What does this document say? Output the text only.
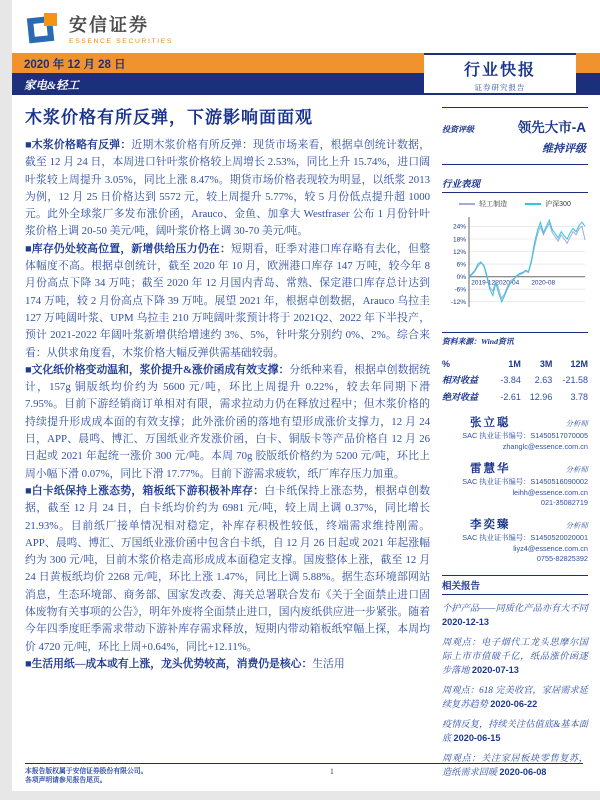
安信证券
ESSENCE SECURITIES
2020 年 12 月 28 日
家电&轻工
行业快报
证券研究报告
木浆价格有所反弹，下游影响面面观

■木浆价格略有反弹：近期木浆价格有所反弹：现货市场来看，根据卓创统计数据，截至 12 月 24 日，本周进口针叶浆价格较上周增长 2.53%，同比上升 15.74%，进口阔叶浆较上周提升 3.05%，同比上涨 8.47%。期货市场价格表现较为明显，以纸浆 2013 为例，12 月 25 日价格达到 5572 元，较上周提升 5.77%，较 5 月份低点提升超 1000 元。此外全球浆厂多发布涨价函，Arauco、金鱼、加拿大 Westfraser 公布 1 月份针叶浆价格上调 20-50 美元/吨，阔叶浆价格上调 30-70 美元/吨。

■库存仍处较高位置，新增供给压力仍在：短期看，旺季对港口库存略有去化，但整体幅度不高。根据卓创统计，截至 2020 年 10 月，欧洲港口库存 147 万吨，较今年 8 月份高点下降 34 万吨；截至 2020 年 12 月国内青岛、常熟、保定港口库存总计达到 174 万吨，较 2 月份高点下降 39 万吨。展望 2021 年，根据卓创数据，Arauco 乌拉圭 127 万吨阔叶浆、UPM 乌拉圭 210 万吨阔叶浆预计将于 2021Q2、2022 年下半投产，预计 2021-2022 年阔叶浆新增供给增速约 3%、5%，针叶浆分别约 0%、2%。综合来看：从供求角度看，木浆价格大幅反弹供需基础较弱。

■文化纸价格变动温和，浆价提升&涨价函成有效支撑：分纸种来看，根据卓创数据统计，157g 铜版纸均价约为 5600 元/吨，环比上周提升 0.22%，较去年同期下滑 7.95%。目前下游经销商订单相对有限，需求拉动力仍在释放过程中；但木浆价格的持续提升形成成本面的有效支撑；此外涨价函的落地有望形成涨价支撑力，12 月 24 日，APP、晨鸣、博汇、万国纸业齐发涨价函，白卡、铜版卡等产品价格自 12 月 26 日起或 2021 年起统一涨价 300 元/吨。本周 70g 胶版纸价格约为 5200 元/吨，环比上周小幅下滑 0.07%，同比下滑 17.77%。目前下游需求疲软，纸厂库存压力加重。

■白卡纸保持上涨态势，箱板纸下游积极补库存：白卡纸保持上涨态势，根据卓创数据，截至 12 月 24 日，白卡纸均价约为 6981 元/吨，较上周上调 0.37%，同比增长 21.93%。目前纸厂接单情况相对稳定，补库存积极性较低，终端需求维持刚需。APP、晨鸣、博汇、万国纸业涨价函中包含白卡纸，自 12 月 26 日起或 2021 年起涨幅约为 300 元/吨，目前木浆价格走高形成成本面稳定支撑。国废整体上涨，截至 12 月 24 日黄板纸均价 2268 元/吨，环比上涨 1.47%，同比上调 5.88%。据生态环境部网站消息，生态环境部、商务部、国家发改委、海关总署联合发布《关于全面禁止进口固体废物有关事项的公告》，明年外废将全面禁止进口，国内废纸供应进一步紧张。随着今年四季度旺季需求带动下游补库存需求释放，短期内带动箱板纸窄幅上探，本周均价 4720 元/吨，环比上周+0.64%，同比+12.11%。

■生活用纸—成本或有上涨，龙头优势较高，消费仍是核心：生活用

投资评级	领先大市-A
维持评级
行业表现
轻工制造	沪深300
24%
18%
12%
6%
0%
-6%
-12%
2019-12 2020-04 2020-08
资料来源：Wind资讯
%	1M	3M	12M
相对收益	-3.84	2.63	-21.58
绝对收益	-2.61	12.96	3.78
张立聪	分析师
SAC 执业证书编号：S1450517070005
zhanglc@essence.com.cn
雷慧华	分析师
SAC 执业证书编号：S1450516090002
leihh@essence.com.cn
021-35082719
李奕臻	分析师
SAC 执业证书编号：S1450520020001
liyz4@essence.com.cn
0755-82825392
相关报告
个护产品——同质化产品亦有大不同 2020-12-13
周观点：电子烟代工龙头思摩尔国际上市市值破千亿，纸品涨价函逐步落地 2020-07-13
周观点：618 完美收官，家居需求延续复苏趋势 2020-06-22
疫情反复，持续关注估值底&基本面底 2020-06-15
周观点：关注家居板块零售复苏，造纸需求回暖 2020-06-08
本报告版权属于安信证券股份有限公司。
各项声明请参见报告尾页。
1
